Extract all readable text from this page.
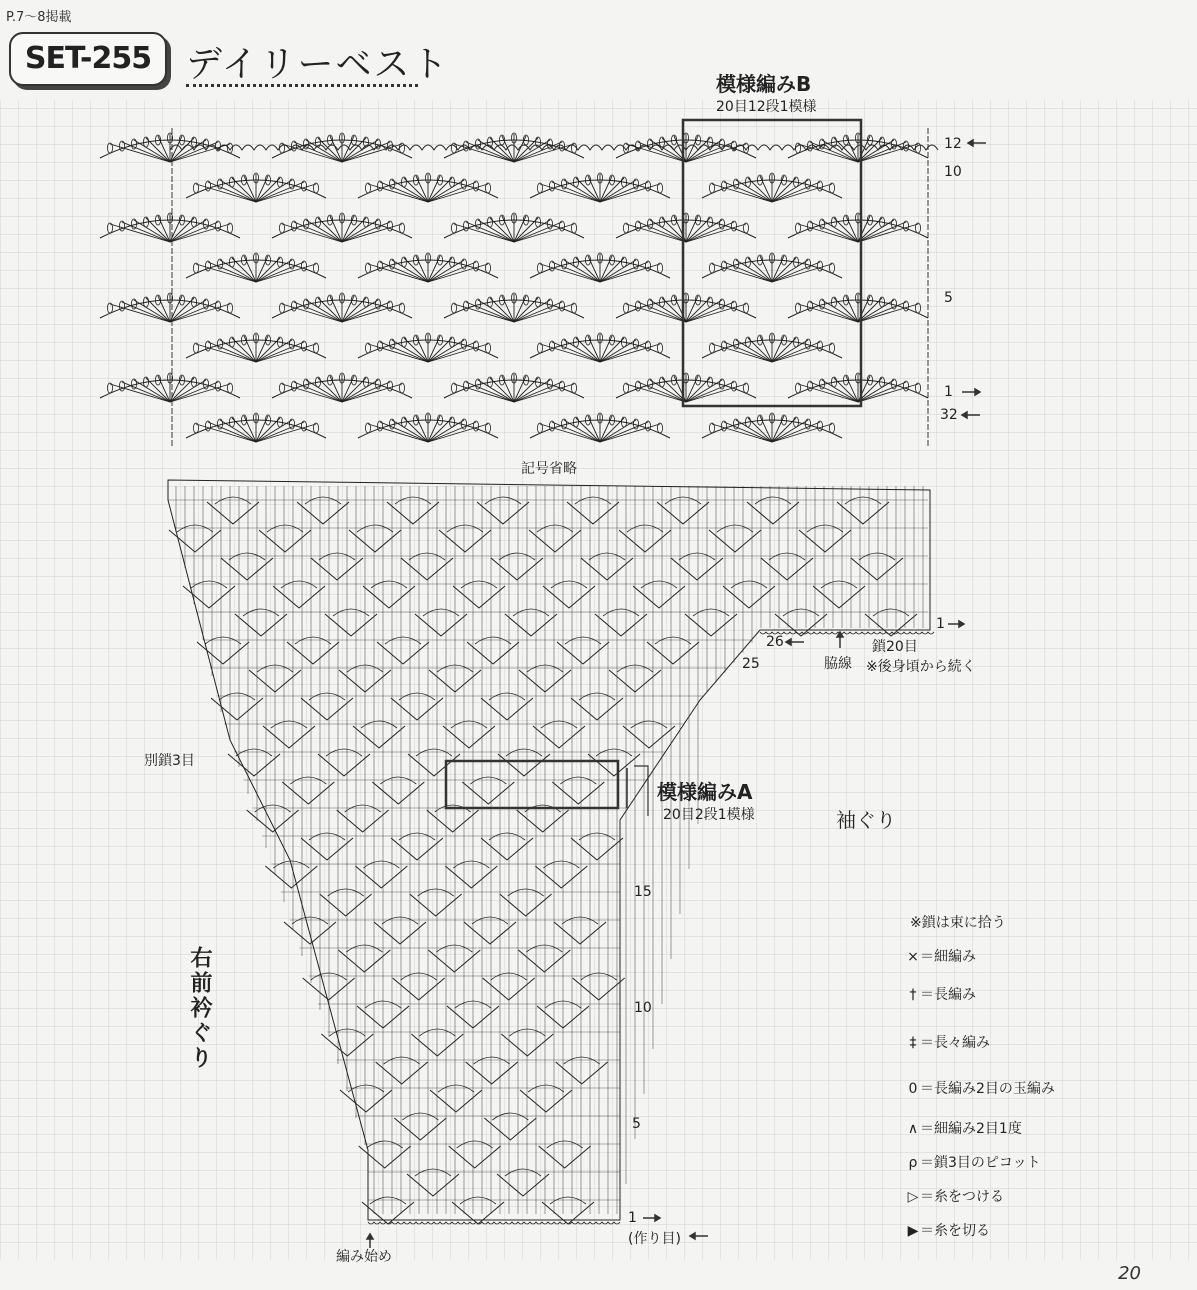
P.7～8掲載
SET-255 デイリーベスト	模様編みB
20目12段1模様
12
10
5
1
32
記号省略
1
26
25	脇線
鎖20目
※後身頃から続く
別鎖3目
模様編みA
20目2段1模様	袖ぐり
15
10
5
1
(作り目)
編み始め
右前衿ぐり
※鎖は束に拾う
×＝細編み
† ＝長編み
‡ ＝長々編み
0 ＝長編み2目の玉編み
∧ ＝細編み2目1度
ρ ＝鎖3目のピコット
▷ ＝糸をつける
▶ ＝糸を切る
20
